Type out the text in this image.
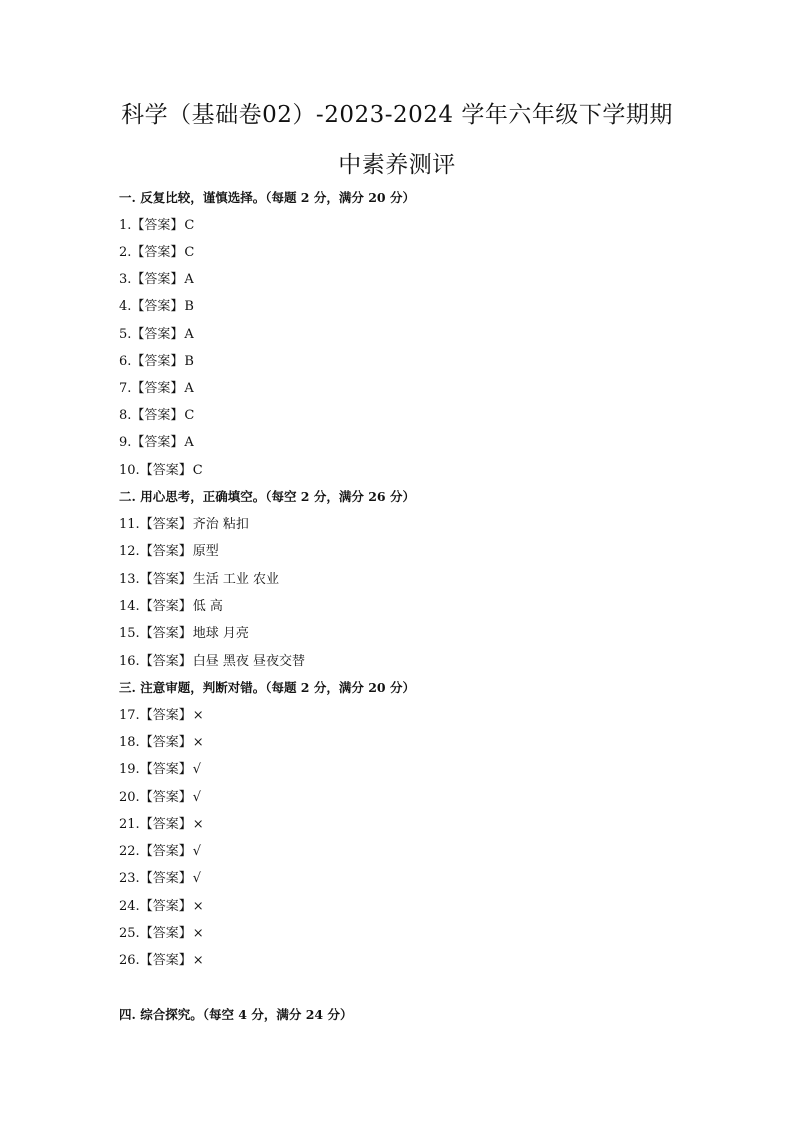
科学（基础卷02）-2023-2024 学年六年级下学期期
中素养测评
一. 反复比较，谨慎选择。（每题 2 分，满分 20 分）
1.【答案】C
2.【答案】C
3.【答案】A
4.【答案】B
5.【答案】A
6.【答案】B
7.【答案】A
8.【答案】C
9.【答案】A
10.【答案】C
二. 用心思考，正确填空。（每空 2 分，满分 26 分）
11.【答案】齐治 粘扣
12.【答案】原型
13.【答案】生活 工业 农业
14.【答案】低 高
15.【答案】地球 月亮
16.【答案】白昼 黑夜 昼夜交替
三. 注意审题，判断对错。（每题 2 分，满分 20 分）
17.【答案】×
18.【答案】×
19.【答案】√
20.【答案】√
21.【答案】×
22.【答案】√
23.【答案】√
24.【答案】×
25.【答案】×
26.【答案】×
四. 综合探究。（每空 4 分，满分 24 分）
